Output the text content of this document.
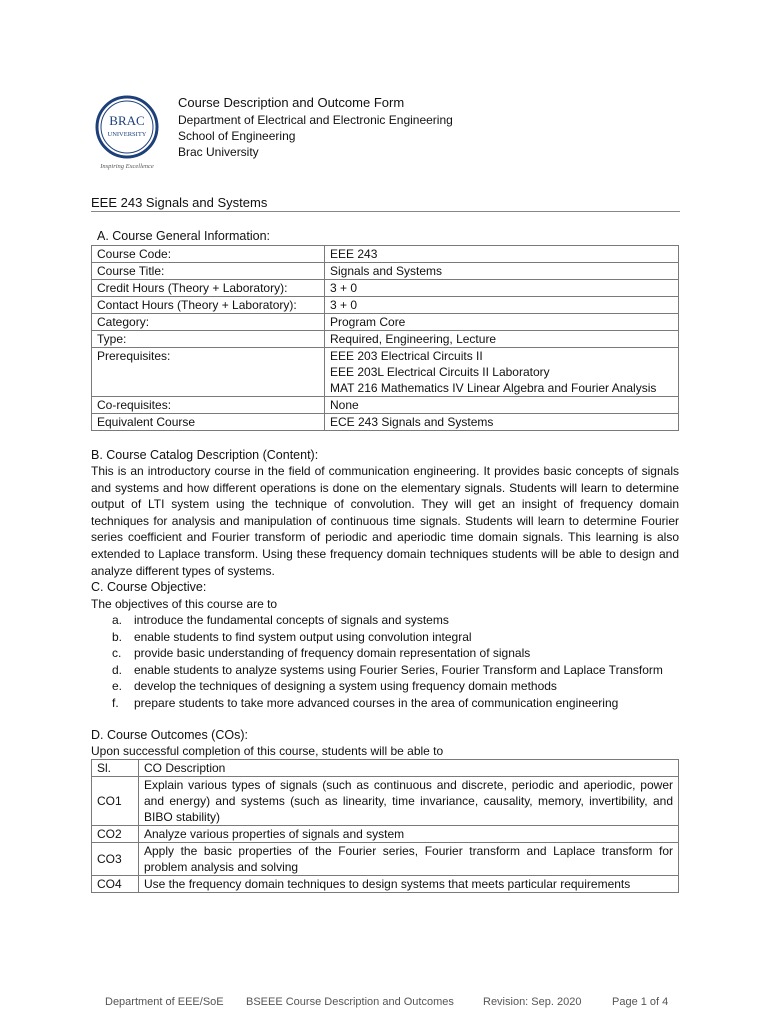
BRAC
UNIVERSITY
Inspiring Excellence
Course Description and Outcome Form
Department of Electrical and Electronic Engineering
School of Engineering
Brac University
EEE 243 Signals and Systems
A. Course General Information:
Course Code:	EEE 243
Course Title:	Signals and Systems
Credit Hours (Theory + Laboratory):	3 + 0
Contact Hours (Theory + Laboratory):	3 + 0
Category:	Program Core
Type:	Required, Engineering, Lecture
Prerequisites:	EEE 203 Electrical Circuits II
EEE 203L Electrical Circuits II Laboratory
MAT 216 Mathematics IV Linear Algebra and Fourier Analysis

Co-requisites:	None
Equivalent Course	ECE 243 Signals and Systems
B. Course Catalog Description (Content):
This is an introductory course in the field of communication engineering. It provides basic concepts of signals and systems and how different operations is done on the elementary signals. Students will learn to determine output of LTI system using the technique of convolution. They will get an insight of frequency domain techniques for analysis and manipulation of continuous time signals. Students will learn to determine Fourier series coefficient and Fourier transform of periodic and aperiodic time domain signals. This learning is also extended to Laplace transform. Using these frequency domain techniques students will be able to design and analyze different types of systems.
C. Course Objective:
The objectives of this course are to
a. introduce the fundamental concepts of signals and systems
b. enable students to find system output using convolution integral
c. provide basic understanding of frequency domain representation of signals
d. enable students to analyze systems using Fourier Series, Fourier Transform and Laplace Transform
e. develop the techniques of designing a system using frequency domain methods
f. prepare students to take more advanced courses in the area of communication engineering
D. Course Outcomes (COs):
Upon successful completion of this course, students will be able to
Sl.	CO Description
CO1	Explain various types of signals (such as continuous and discrete, periodic and aperiodic, power and energy) and systems (such as linearity, time invariance, causality, memory, invertibility, and BIBO stability)
CO2	Analyze various properties of signals and system
CO3	Apply the basic properties of the Fourier series, Fourier transform and Laplace transform for problem analysis and solving
CO4	Use the frequency domain techniques to design systems that meets particular requirements
Department of EEE/SoE BSEEE Course Description and Outcomes	Revision: Sep. 2020	Page 1 of 4
